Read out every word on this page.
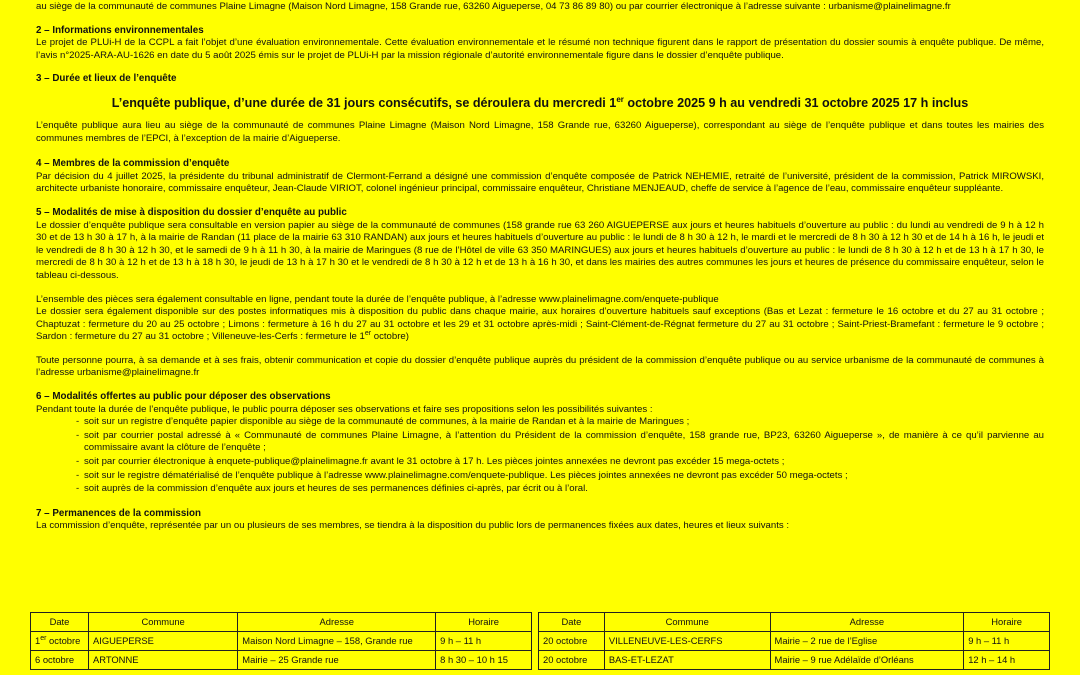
au siège de la communauté de communes Plaine Limagne (Maison Nord Limagne, 158 Grande rue, 63260 Aigueperse, 04 73 86 89 80) ou par courrier électronique à l’adresse suivante : urbanisme@plainelimagne.fr

2 – Informations environnementales

Le projet de PLUi-H de la CCPL a fait l’objet d’une évaluation environnementale. Cette évaluation environnementale et le résumé non technique figurent dans le rapport de présentation du dossier soumis à enquête publique. De même, l’avis n°2025-ARA-AU-1626 en date du 5 août 2025 émis sur le projet de PLUi-H par la mission régionale d’autorité environnementale figure dans le dossier d’enquête publique.

3 – Durée et lieux de l’enquête

L’enquête publique, d’une durée de 31 jours consécutifs, se déroulera du mercredi 1er octobre 2025 9 h au vendredi 31 octobre 2025 17 h inclus

L’enquête publique aura lieu au siège de la communauté de communes Plaine Limagne (Maison Nord Limagne, 158 Grande rue, 63260 Aigueperse), correspondant au siège de l’enquête publique et dans toutes les mairies des communes membres de l’EPCI, à l’exception de la mairie d’Aigueperse.

4 – Membres de la commission d’enquête

Par décision du 4 juillet 2025, la présidente du tribunal administratif de Clermont-Ferrand a désigné une commission d’enquête composée de Patrick NEHEMIE, retraité de l’université, président de la commission, Patrick MIROWSKI, architecte urbaniste honoraire, commissaire enquêteur, Jean-Claude VIRIOT, colonel ingénieur principal, commissaire enquêteur, Christiane MENJEAUD, cheffe de service à l’agence de l’eau, commissaire enquêteur suppléante.

5 – Modalités de mise à disposition du dossier d’enquête au public

Le dossier d’enquête publique sera consultable en version papier au siège de la communauté de communes (158 grande rue 63 260 AIGUEPERSE aux jours et heures habituels d’ouverture au public : du lundi au vendredi de 9 h à 12 h 30 et de 13 h 30 à 17 h, à la mairie de Randan (11 place de la mairie 63 310 RANDAN) aux jours et heures habituels d’ouverture au public : le lundi de 8 h 30 à 12 h, le mardi et le mercredi de 8 h 30 à 12 h 30 et de 14 h à 16 h, le jeudi et le vendredi de 8 h 30 à 12 h 30, et le samedi de 9 h à 11 h 30, à la mairie de Maringues (8 rue de l’Hôtel de ville 63 350 MARINGUES) aux jours et heures habituels d’ouverture au public : le lundi de 8 h 30 à 12 h et de 13 h à 17 h 30, le mercredi de 8 h 30 à 12 h et de 13 h à 18 h 30, le jeudi de 13 h à 17 h 30 et le vendredi de 8 h 30 à 12 h et de 13 h à 16 h 30, et dans les mairies des autres communes les jours et heures de présence du commissaire enquêteur, selon le tableau ci-dessous.

L’ensemble des pièces sera également consultable en ligne, pendant toute la durée de l’enquête publique, à l’adresse www.plainelimagne.com/enquete-publique

Le dossier sera également disponible sur des postes informatiques mis à disposition du public dans chaque mairie, aux horaires d’ouverture habituels sauf exceptions (Bas et Lezat : fermeture le 16 octobre et du 27 au 31 octobre ; Chaptuzat : fermeture du 20 au 25 octobre ; Limons : fermeture à 16 h du 27 au 31 octobre et les 29 et 31 octobre après-midi ; Saint-Clément-de-Régnat fermeture du 27 au 31 octobre ; Saint-Priest-Bramefant : fermeture le 9 octobre ; Sardon : fermeture du 27 au 31 octobre ; Villeneuve-les-Cerfs : fermeture le 1er octobre)

Toute personne pourra, à sa demande et à ses frais, obtenir communication et copie du dossier d’enquête publique auprès du président de la commission d’enquête publique ou au service urbanisme de la communauté de communes à l’adresse urbanisme@plainelimagne.fr

6 – Modalités offertes au public pour déposer des observations

Pendant toute la durée de l’enquête publique, le public pourra déposer ses observations et faire ses propositions selon les possibilités suivantes :

- soit sur un registre d’enquête papier disponible au siège de la communauté de communes, à la mairie de Randan et à la mairie de Maringues ;
- soit par courrier postal adressé à « Communauté de communes Plaine Limagne, à l’attention du Président de la commission d’enquête, 158 grande rue, BP23, 63260 Aigueperse », de manière à ce qu’il parvienne au commissaire avant la clôture de l’enquête ;
- soit par courrier électronique à enquete-publique@plainelimagne.fr avant le 31 octobre à 17 h. Les pièces jointes annexées ne devront pas excéder 15 mega-octets ;
- soit sur le registre dématérialisé de l’enquête publique à l’adresse www.plainelimagne.com/enquete-publique. Les pièces jointes annexées ne devront pas excéder 50 mega-octets ;
- soit auprès de la commission d’enquête aux jours et heures de ses permanences définies ci-après, par écrit ou à l’oral.
7 – Permanences de la commission

La commission d’enquête, représentée par un ou plusieurs de ses membres, se tiendra à la disposition du public lors de permanences fixées aux dates, heures et lieux suivants :

Date	Commune	Adresse	Horaire
1er octobre	AIGUEPERSE	Maison Nord Limagne – 158, Grande rue	9 h – 11 h
6 octobre	ARTONNE	Mairie – 25 Grande rue	8 h 30 – 10 h 15
Date	Commune	Adresse	Horaire
20 octobre	VILLENEUVE-LES-CERFS	Mairie – 2 rue de l’Eglise	9 h – 11 h
20 octobre	BAS-ET-LEZAT	Mairie – 9 rue Adélaïde d’Orléans	12 h – 14 h
